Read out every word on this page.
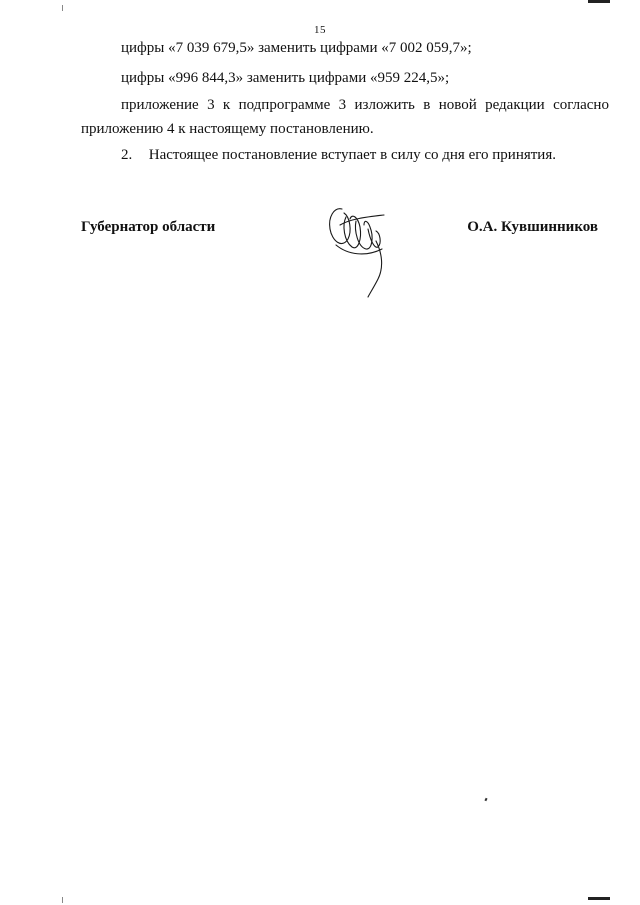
15
цифры «7 039 679,5» заменить цифрами «7 002 059,7»;
цифры «996 844,3» заменить цифрами «959 224,5»;
приложение 3 к подпрограмме 3 изложить в новой редакции согласно
приложению 4 к настоящему постановлению.
2. Настоящее постановление вступает в силу со дня его принятия.
Губернатор области	О.А. Кувшинников
